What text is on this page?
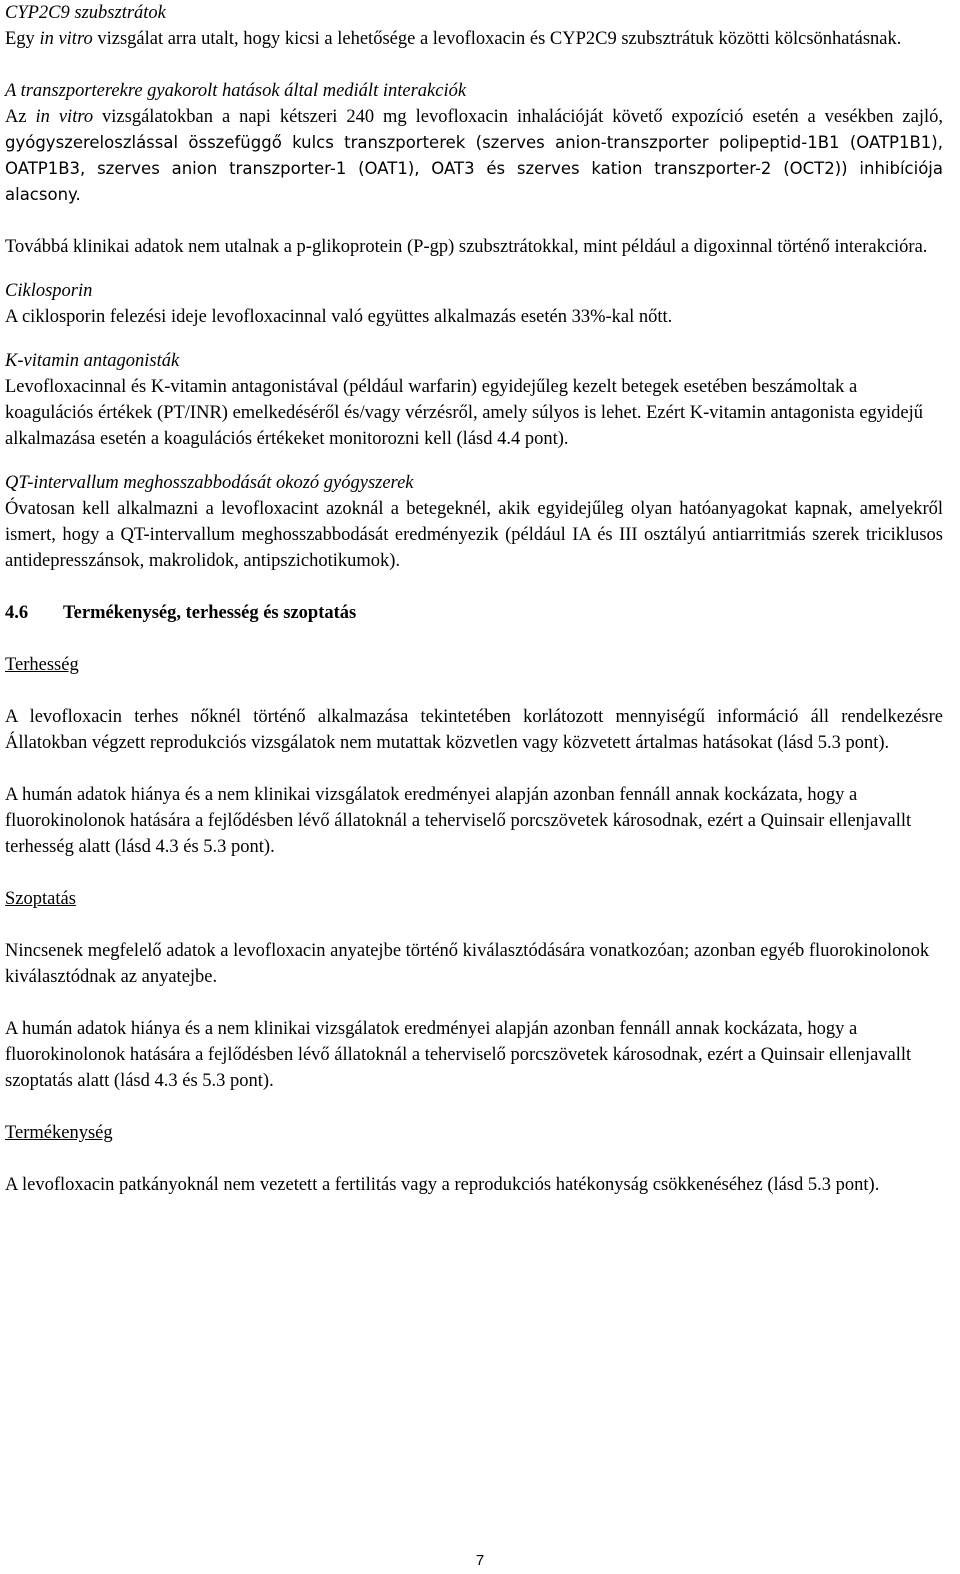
CYP2C9 szubsztrátok

Egy in vitro vizsgálat arra utalt, hogy kicsi a lehetősége a levofloxacin és CYP2C9 szubsztrátuk közötti kölcsönhatásnak.

A transzporterekre gyakorolt hatások által mediált interakciók

Az in vitro vizsgálatokban a napi kétszeri 240 mg levofloxacin inhalációját követő expozíció esetén a vesékben zajló, gyógyszereloszlással összefüggő kulcs transzporterek (szerves anion-transzporter polipeptid-1B1 (OATP1B1), OATP1B3, szerves anion transzporter-1 (OAT1), OAT3 és szerves kation transzporter-2 (OCT2)) inhibíciója alacsony.

Továbbá klinikai adatok nem utalnak a p-glikoprotein (P-gp) szubsztrátokkal, mint például a digoxinnal történő interakcióra.

Ciklosporin

A ciklosporin felezési ideje levofloxacinnal való együttes alkalmazás esetén 33%-kal nőtt.

K-vitamin antagonisták

Levofloxacinnal és K-vitamin antagonistával (például warfarin) egyidejűleg kezelt betegek esetében beszámoltak a koagulációs értékek (PT/INR) emelkedéséről és/vagy vérzésről, amely súlyos is lehet. Ezért K-vitamin antagonista egyidejű alkalmazása esetén a koagulációs értékeket monitorozni kell (lásd 4.4 pont).

QT-intervallum meghosszabbodását okozó gyógyszerek

Óvatosan kell alkalmazni a levofloxacint azoknál a betegeknél, akik egyidejűleg olyan hatóanyagokat kapnak, amelyekről ismert, hogy a QT-intervallum meghosszabbodását eredményezik (például IA és III osztályú antiarritmiás szerek triciklusos antidepresszánsok, makrolidok, antipszichotikumok).

4.6 Termékenység, terhesség és szoptatás

Terhesség

A levofloxacin terhes nőknél történő alkalmazása tekintetében korlátozott mennyiségű információ áll rendelkezésre Állatokban végzett reprodukciós vizsgálatok nem mutattak közvetlen vagy közvetett ártalmas hatásokat (lásd 5.3 pont).

A humán adatok hiánya és a nem klinikai vizsgálatok eredményei alapján azonban fennáll annak kockázata, hogy a fluorokinolonok hatására a fejlődésben lévő állatoknál a teherviselő porcszövetek károsodnak, ezért a Quinsair ellenjavallt terhesség alatt (lásd 4.3 és 5.3 pont).

Szoptatás

Nincsenek megfelelő adatok a levofloxacin anyatejbe történő kiválasztódására vonatkozóan; azonban egyéb fluorokinolonok kiválasztódnak az anyatejbe.

A humán adatok hiánya és a nem klinikai vizsgálatok eredményei alapján azonban fennáll annak kockázata, hogy a fluorokinolonok hatására a fejlődésben lévő állatoknál a teherviselő porcszövetek károsodnak, ezért a Quinsair ellenjavallt szoptatás alatt (lásd 4.3 és 5.3 pont).

Termékenység

A levofloxacin patkányoknál nem vezetett a fertilitás vagy a reprodukciós hatékonyság csökkenéséhez (lásd 5.3 pont).

7
